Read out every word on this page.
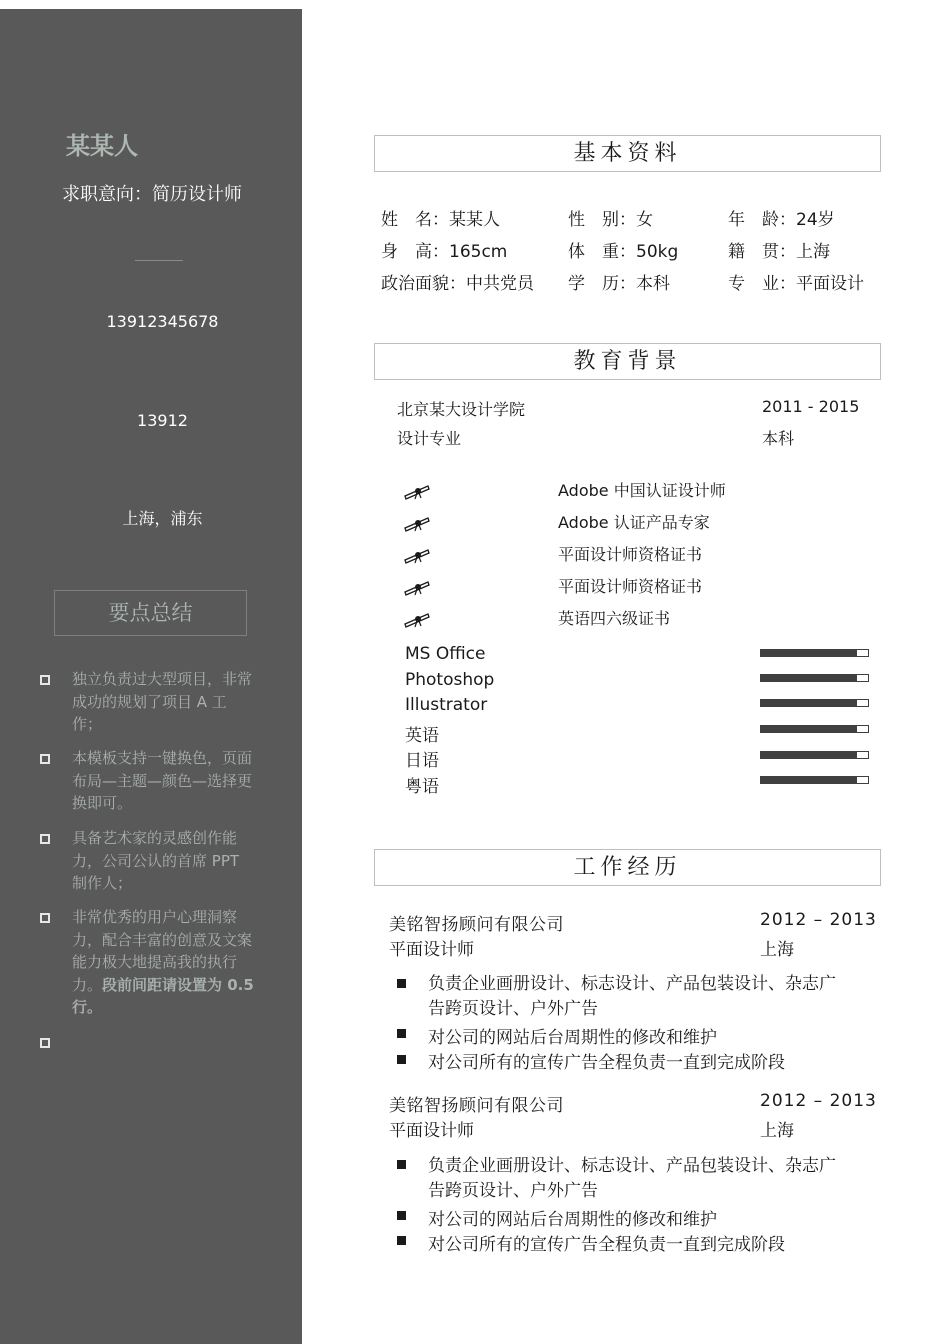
某某人
求职意向：简历设计师
13912345678
13912
上海，浦东
要点总结
独立负责过大型项目，非常成功的规划了项目 A 工作；
本模板支持一键换色，页面布局—主题—颜色—选择更换即可。
具备艺术家的灵感创作能力，公司公认的首席 PPT 制作人；
非常优秀的用户心理洞察力，配合丰富的创意及文案能力极大地提高我的执行力。段前间距请设置为 0.5 行。
基本资料
姓　名：某某人	性　别：女	年　龄：24岁
身　高：165cm	体　重：50kg	籍　贯：上海
政治面貌：中共党员 学　历：本科	专　业：平面设计
教育背景
北京某大设计学院	2011 - 2015
设计专业	本科
Adobe 中国认证设计师
Adobe 认证产品专家
平面设计师资格证书
平面设计师资格证书
英语四六级证书
MS Office
Photoshop
Illustrator
英语
日语
粤语
工作经历
美铭智扬顾问有限公司	2012 – 2013
平面设计师	上海
负责企业画册设计、标志设计、产品包装设计、杂志广告跨页设计、户外广告
对公司的网站后台周期性的修改和维护
对公司所有的宣传广告全程负责一直到完成阶段
美铭智扬顾问有限公司	2012 – 2013
平面设计师	上海
负责企业画册设计、标志设计、产品包装设计、杂志广告跨页设计、户外广告
对公司的网站后台周期性的修改和维护
对公司所有的宣传广告全程负责一直到完成阶段
